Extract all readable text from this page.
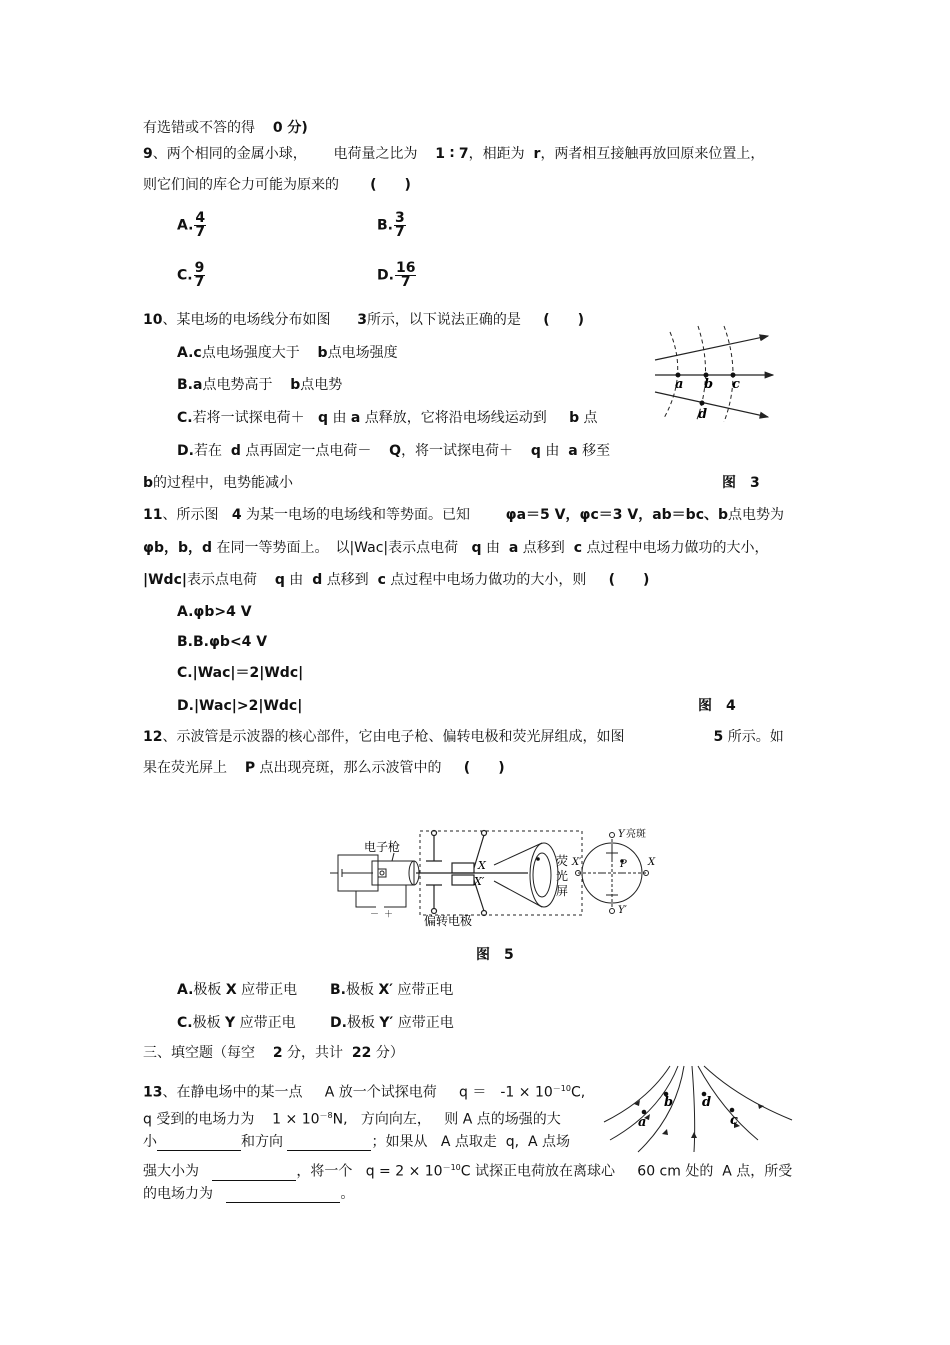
有选错或不答的得 0 分)
9、两个相同的金属小球， 电荷量之比为 1 ∶ 7，相距为 r，两者相互接触再放回原来位置上，
则它们间的库仑力可能为原来的 (　　)
A. $\frac{4}{7}$	B. $\frac{3}{7}$
C. $\frac{9}{7}$	D. $\frac{16}{7}$
10、某电场的电场线分布如图 3所示，以下说法正确的是 (　　)
A.c点电场强度大于 b点电场强度
B.a点电势高于 b点电势
C.若将一试探电荷＋ q 由 a 点释放，它将沿电场线运动到 b 点
D.若在 d 点再固定一点电荷－ Q，将一试探电荷＋ q 由 a 移至
b的过程中，电势能减小	图　3
a b c
d
11、所示图 4 为某一电场的电场线和等势面。已知	φa＝5 V，φc＝3 V，ab＝bc、b点电势为
φb，b，d 在同一等势面上。　以|Wac|表示点电荷 q 由 a 点移到 c 点过程中电场力做功的大小，
|Wdc|表示点电荷 q 由 d 点移到 c 点过程中电场力做功的大小，则 (　　)
A.φb>4 V
B.B.φb<4 V
C.|Wac|＝2|Wdc|
D.|Wac|>2|Wdc|	图　4
12、示波管是示波器的核心部件，它由电子枪、偏转电极和荧光屏组成，如图	5 所示。如
果在荧光屏上 P 点出现亮斑，那么示波管中的 (　　)
电子枪
－ ＋
X
X′
偏转电极
荧
光
屏
P
Y 亮斑
X′	X
Y′
图　5
A.极板 X 应带正电 B.极板 X′ 应带正电
C.极板 Y 应带正电 D.极板 Y′ 应带正电
三、填空题（每空 2 分，共计 22 分）
13、在静电场中的某一点 A 放一个试探电荷 q ＝　$-1 \times 10^{-10}C$,
q 受到的电场力为 $1 \times 10^{-8}N$, 方向向左， 则 A 点的场强的大
小	和方向	；如果从 A 点取走 q, A 点场
强大小为	，将一个 $q = 2 \times 10^{-10}C$ 试探正电荷放在离球心 60 cm 处的 A 点，所受
的电场力为	。
a
b d
c
